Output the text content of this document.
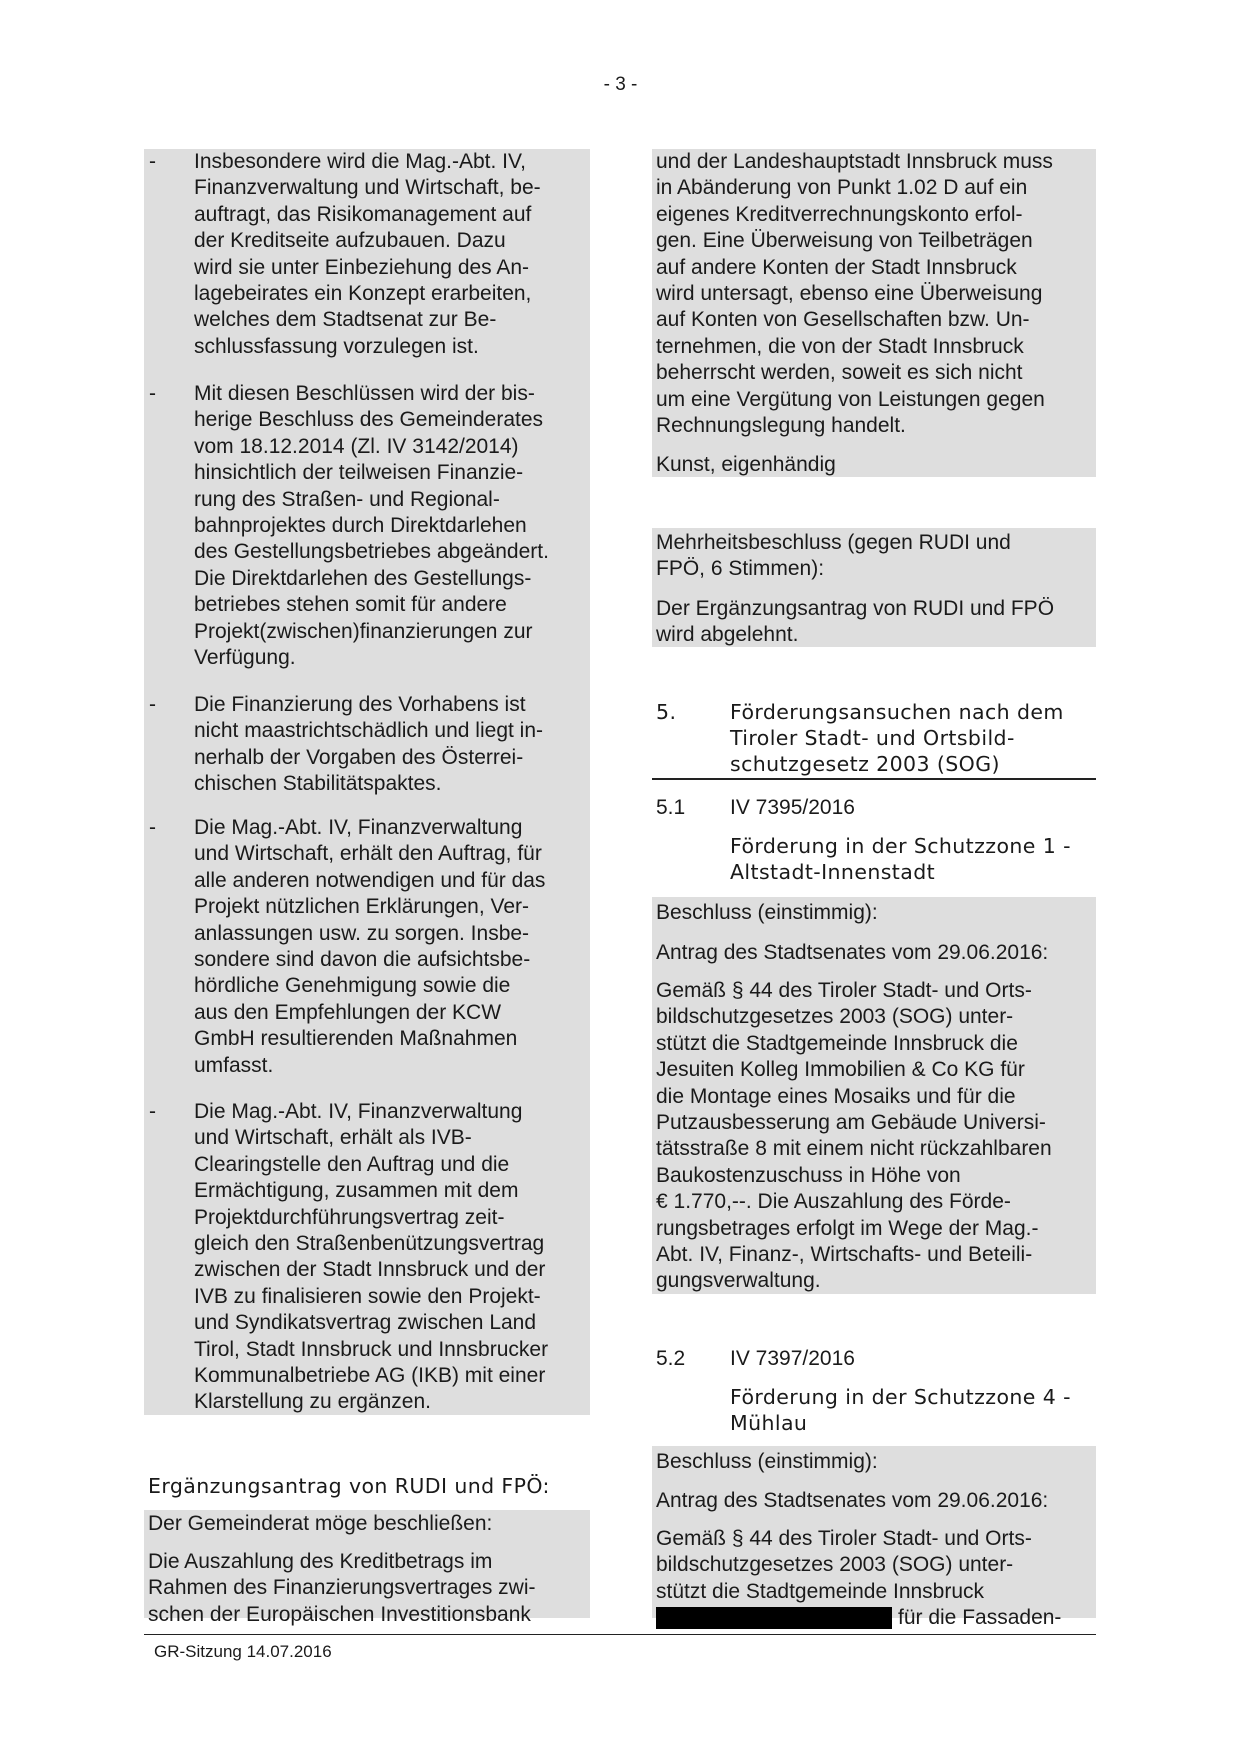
- 3 -
- Insbesondere wird die Mag.-Abt. IV,
Finanzverwaltung und Wirtschaft, be-
auftragt, das Risikomanagement auf
der Kreditseite aufzubauen. Dazu
wird sie unter Einbeziehung des An-
lagebeirates ein Konzept erarbeiten,
welches dem Stadtsenat zur Be-
schlussfassung vorzulegen ist.
- Mit diesen Beschlüssen wird der bis-
herige Beschluss des Gemeinderates
vom 18.12.2014 (Zl. IV 3142/2014)
hinsichtlich der teilweisen Finanzie-
rung des Straßen- und Regional-
bahnprojektes durch Direktdarlehen
des Gestellungsbetriebes abgeändert.
Die Direktdarlehen des Gestellungs-
betriebes stehen somit für andere
Projekt(zwischen)finanzierungen zur
Verfügung.
- Die Finanzierung des Vorhabens ist
nicht maastrichtschädlich und liegt in-
nerhalb der Vorgaben des Österrei-
chischen Stabilitätspaktes.
- Die Mag.-Abt. IV, Finanzverwaltung
und Wirtschaft, erhält den Auftrag, für
alle anderen notwendigen und für das
Projekt nützlichen Erklärungen, Ver-
anlassungen usw. zu sorgen. Insbe-
sondere sind davon die aufsichtsbe-
hördliche Genehmigung sowie die
aus den Empfehlungen der KCW
GmbH resultierenden Maßnahmen
umfasst.
- Die Mag.-Abt. IV, Finanzverwaltung
und Wirtschaft, erhält als IVB-
Clearingstelle den Auftrag und die
Ermächtigung, zusammen mit dem
Projektdurchführungsvertrag zeit-
gleich den Straßenbenützungsvertrag
zwischen der Stadt Innsbruck und der
IVB zu finalisieren sowie den Projekt-
und Syndikatsvertrag zwischen Land
Tirol, Stadt Innsbruck und Innsbrucker
Kommunalbetriebe AG (IKB) mit einer
Klarstellung zu ergänzen.
Ergänzungsantrag von RUDI und FPÖ:
Der Gemeinderat möge beschließen:
Die Auszahlung des Kreditbetrags im
Rahmen des Finanzierungsvertrages zwi-
schen der Europäischen Investitionsbank
und der Landeshauptstadt Innsbruck muss
in Abänderung von Punkt 1.02 D auf ein
eigenes Kreditverrechnungskonto erfol-
gen. Eine Überweisung von Teilbeträgen
auf andere Konten der Stadt Innsbruck
wird untersagt, ebenso eine Überweisung
auf Konten von Gesellschaften bzw. Un-
ternehmen, die von der Stadt Innsbruck
beherrscht werden, soweit es sich nicht
um eine Vergütung von Leistungen gegen
Rechnungslegung handelt.
Kunst, eigenhändig
Mehrheitsbeschluss (gegen RUDI und
FPÖ, 6 Stimmen):
Der Ergänzungsantrag von RUDI und FPÖ
wird abgelehnt.
5.	Förderungsansuchen nach dem
Tiroler Stadt- und Ortsbild-
schutzgesetz 2003 (SOG)
5.1 IV 7395/2016
Förderung in der Schutzzone 1 -
Altstadt-Innenstadt
Beschluss (einstimmig):
Antrag des Stadtsenates vom 29.06.2016:
Gemäß § 44 des Tiroler Stadt- und Orts-
bildschutzgesetzes 2003 (SOG) unter-
stützt die Stadtgemeinde Innsbruck die
Jesuiten Kolleg Immobilien & Co KG für
die Montage eines Mosaiks und für die
Putzausbesserung am Gebäude Universi-
tätsstraße 8 mit einem nicht rückzahlbaren
Baukostenzuschuss in Höhe von
€ 1.770,--. Die Auszahlung des Förde-
rungsbetrages erfolgt im Wege der Mag.-
Abt. IV, Finanz-, Wirtschafts- und Beteili-
gungsverwaltung.
5.2 IV 7397/2016
Förderung in der Schutzzone 4 -
Mühlau
Beschluss (einstimmig):
Antrag des Stadtsenates vom 29.06.2016:
Gemäß § 44 des Tiroler Stadt- und Orts-
bildschutzgesetzes 2003 (SOG) unter-
stützt die Stadtgemeinde Innsbruck
für die Fassaden-
GR-Sitzung 14.07.2016
